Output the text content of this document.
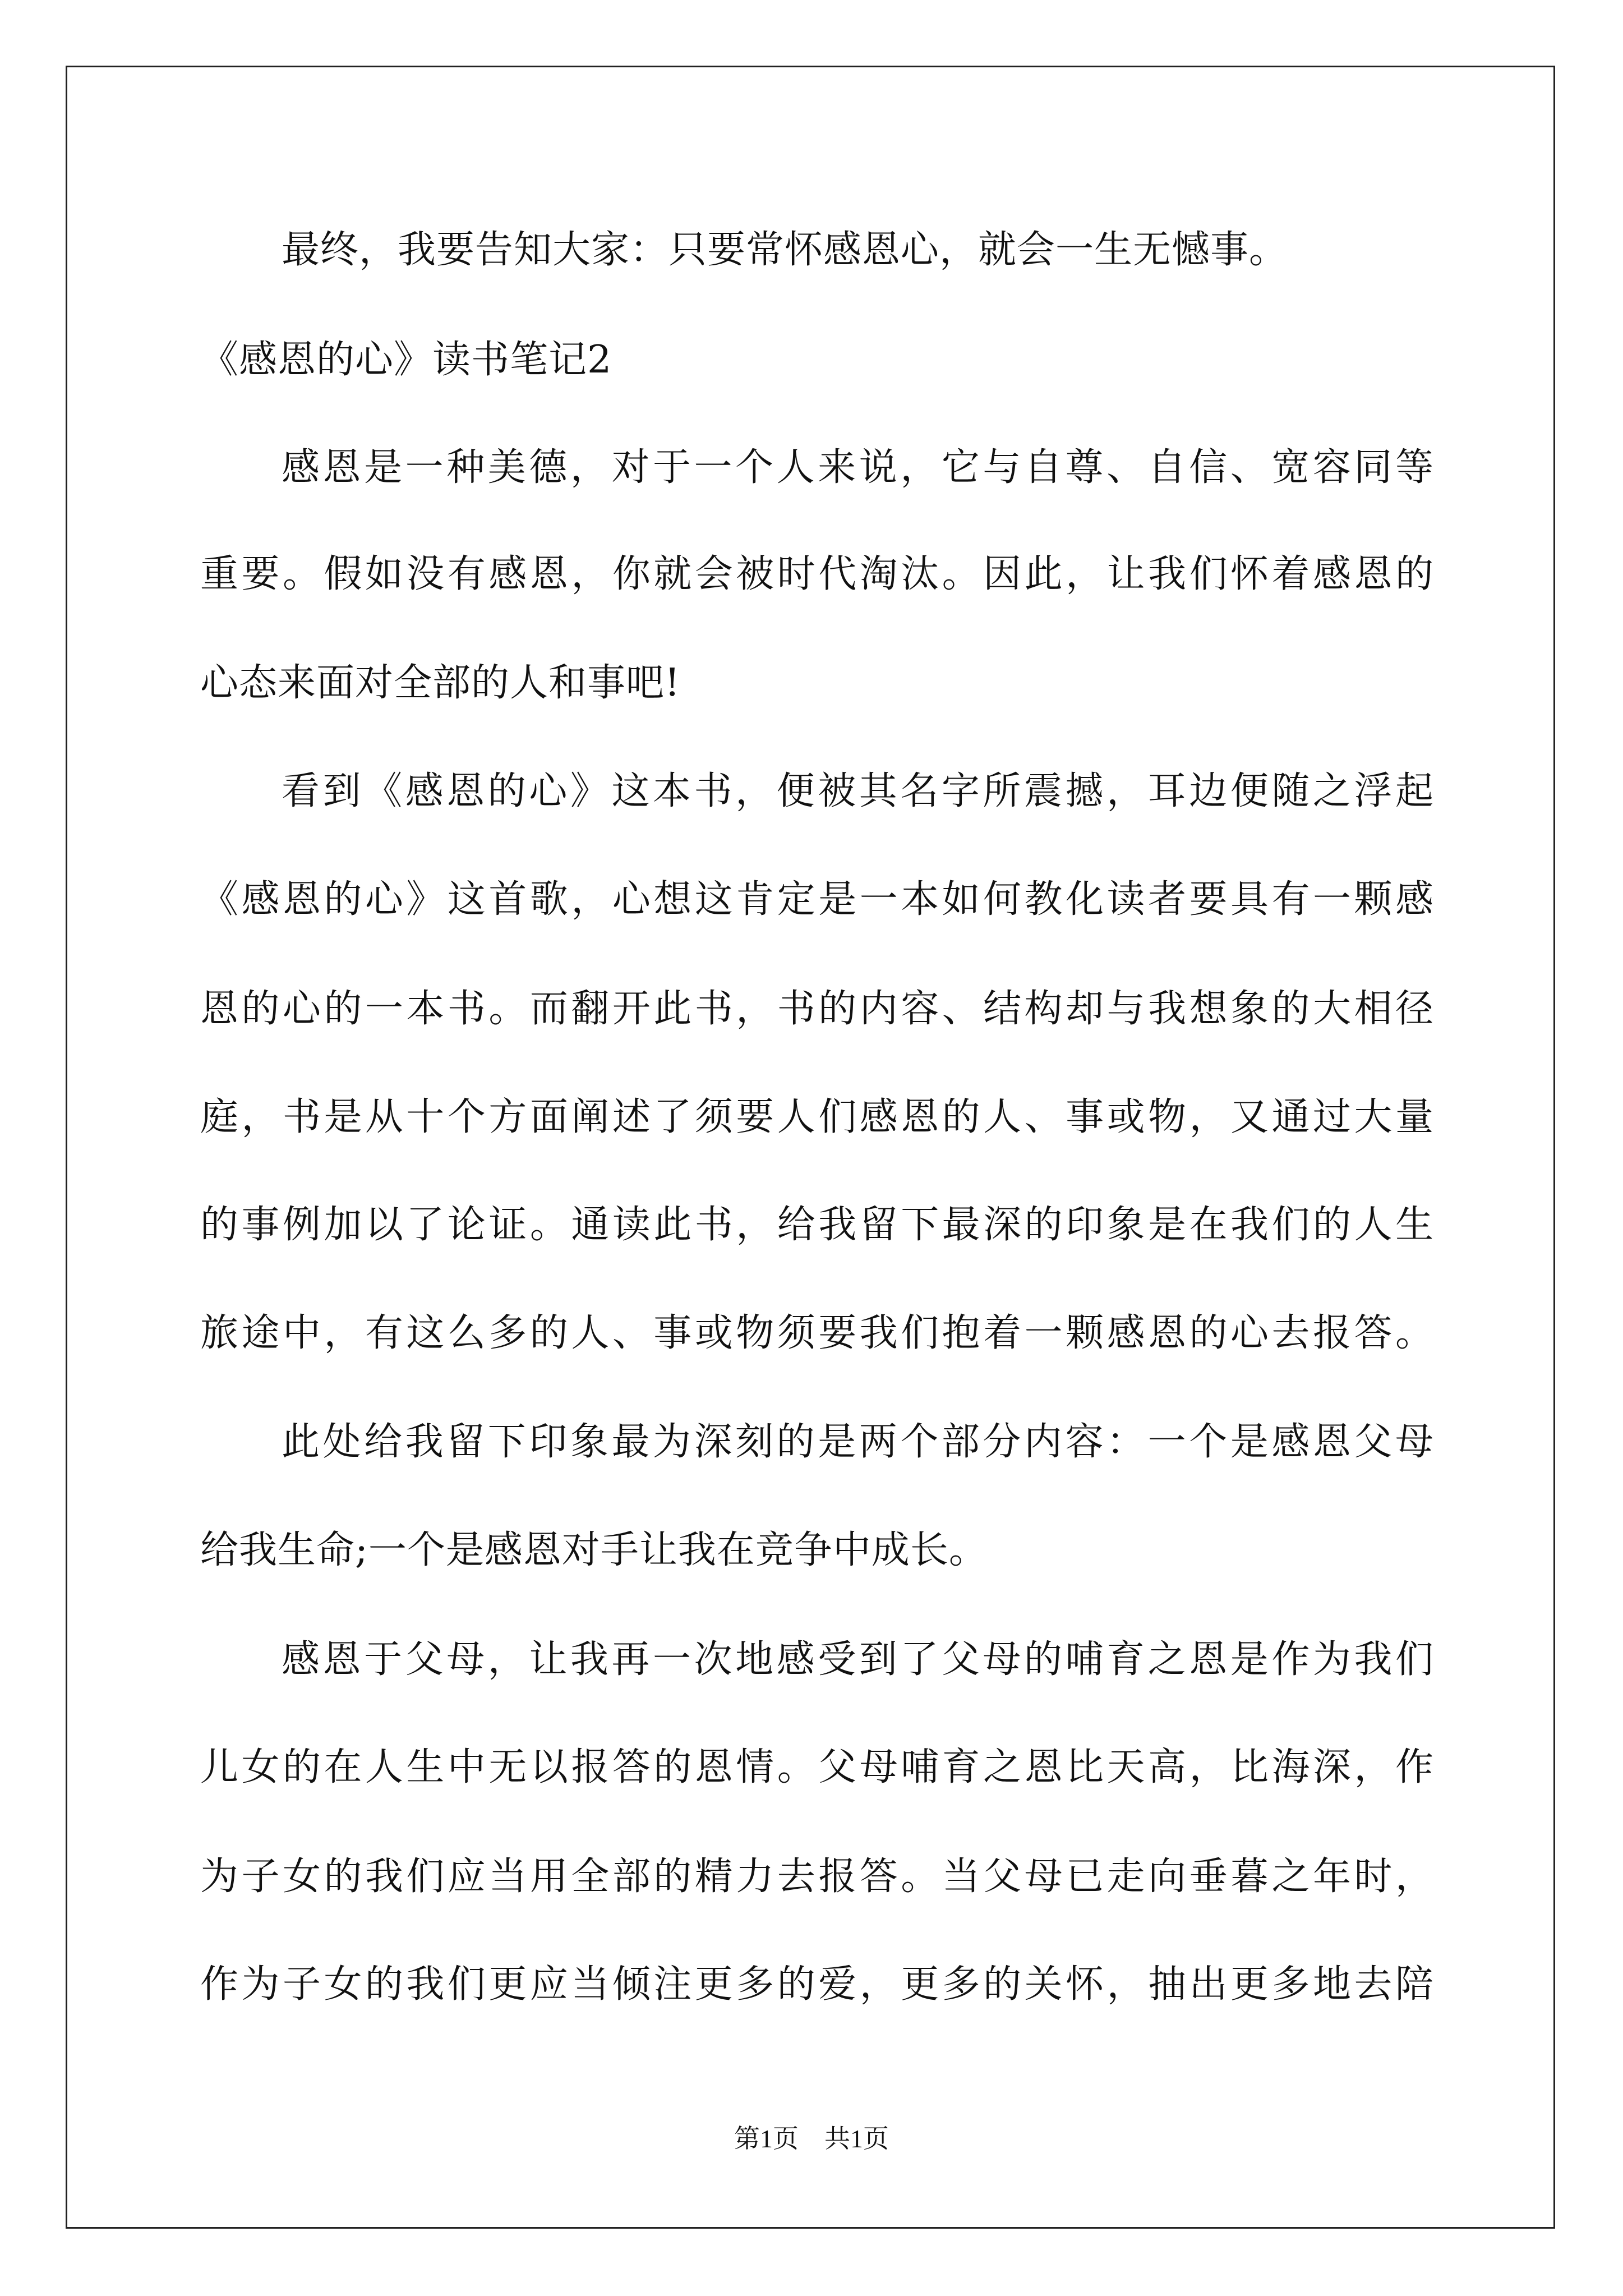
最终，我要告知大家：只要常怀感恩心，就会一生无憾事。
《感恩的心》读书笔记2
感恩是一种美德，对于一个人来说，它与自尊、自信、宽容同等
重要。假如没有感恩，你就会被时代淘汰。因此，让我们怀着感恩的
心态来面对全部的人和事吧!
看到《感恩的心》这本书，便被其名字所震撼，耳边便随之浮起
《感恩的心》这首歌，心想这肯定是一本如何教化读者要具有一颗感
恩的心的一本书。而翻开此书，书的内容、结构却与我想象的大相径
庭，书是从十个方面阐述了须要人们感恩的人、事或物，又通过大量
的事例加以了论证。通读此书，给我留下最深的印象是在我们的人生
旅途中，有这么多的人、事或物须要我们抱着一颗感恩的心去报答。
此处给我留下印象最为深刻的是两个部分内容：一个是感恩父母
给我生命;一个是感恩对手让我在竞争中成长。
感恩于父母，让我再一次地感受到了父母的哺育之恩是作为我们
儿女的在人生中无以报答的恩情。父母哺育之恩比天高，比海深，作
为子女的我们应当用全部的精力去报答。当父母已走向垂暮之年时，
作为子女的我们更应当倾注更多的爱，更多的关怀，抽出更多地去陪
第1页 共1页
